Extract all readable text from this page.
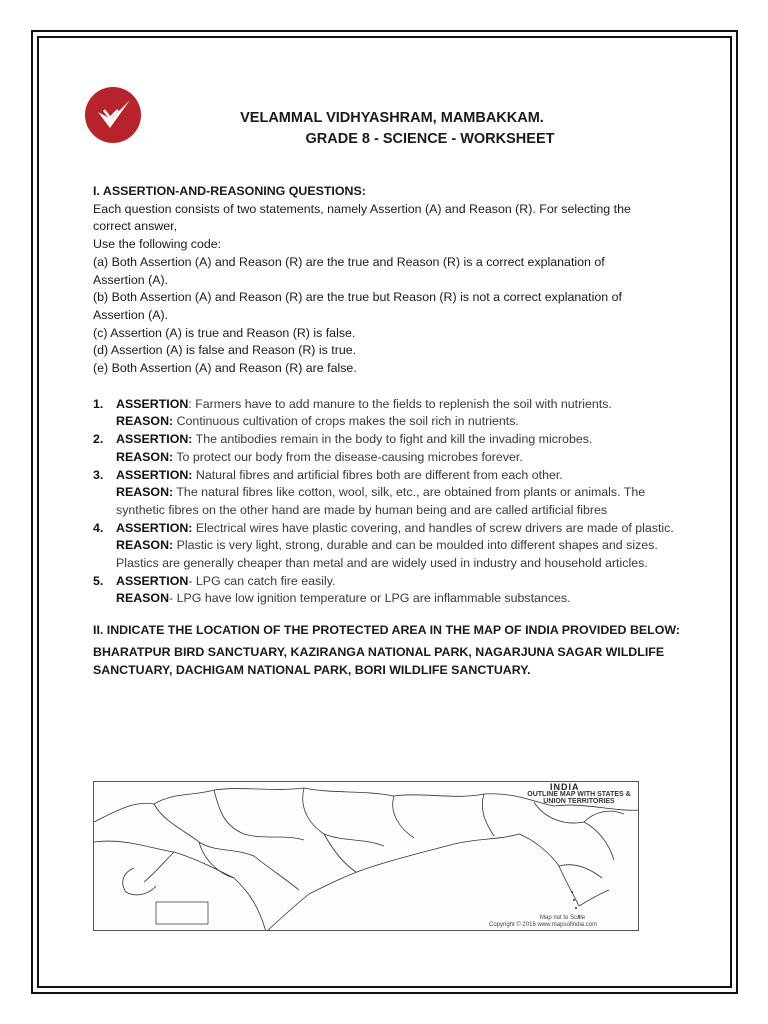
VELAMMAL VIDHYASHRAM, MAMBAKKAM.
GRADE 8 - SCIENCE - WORKSHEET
I. ASSERTION-AND-REASONING QUESTIONS:
Each question consists of two statements, namely Assertion (A) and Reason (R). For selecting the
correct answer,
Use the following code:
(a) Both Assertion (A) and Reason (R) are the true and Reason (R) is a correct explanation of
Assertion (A).
(b) Both Assertion (A) and Reason (R) are the true but Reason (R) is not a correct explanation of
Assertion (A).
(c) Assertion (A) is true and Reason (R) is false.
(d) Assertion (A) is false and Reason (R) is true.
(e) Both Assertion (A) and Reason (R) are false.
1. ASSERTION: Farmers have to add manure to the fields to replenish the soil with nutrients.
REASON: Continuous cultivation of crops makes the soil rich in nutrients.
2. ASSERTION: The antibodies remain in the body to fight and kill the invading microbes.
REASON: To protect our body from the disease-causing microbes forever.
3. ASSERTION: Natural fibres and artificial fibres both are different from each other.
REASON: The natural fibres like cotton, wool, silk, etc., are obtained from plants or animals. The synthetic fibres on the other hand are made by human being and are called artificial fibres
4. ASSERTION: Electrical wires have plastic covering, and handles of screw drivers are made of plastic.
REASON: Plastic is very light, strong, durable and can be moulded into different shapes and sizes. Plastics are generally cheaper than metal and are widely used in industry and household articles.
5. ASSERTION- LPG can catch fire easily.
REASON- LPG have low ignition temperature or LPG are inflammable substances.
II. INDICATE THE LOCATION OF THE PROTECTED AREA IN THE MAP OF INDIA PROVIDED BELOW:
BHARATPUR BIRD SANCTUARY, KAZIRANGA NATIONAL PARK, NAGARJUNA SAGAR WILDLIFE SANCTUARY, DACHIGAM NATIONAL PARK, BORI WILDLIFE SANCTUARY.
INDIA
OUTLINE MAP WITH STATES & UNION TERRITORIES
Map not to Scale
Copyright © 2016 www.mapsofindia.com
